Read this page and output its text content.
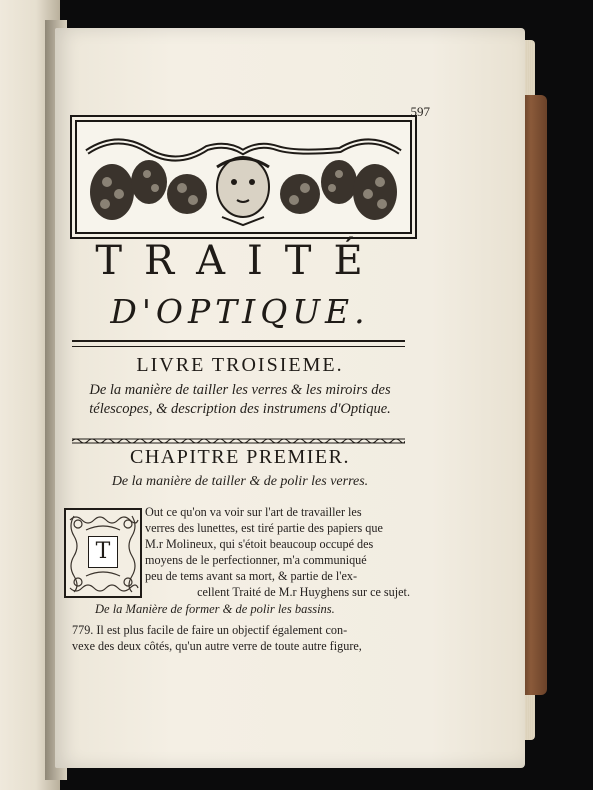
597
TRAITÉ
D'OPTIQUE.
LIVRE TROISIEME.
De la manière de tailler les verres & les miroirs des
télescopes, & description des instrumens d'Optique.
CHAPITRE PREMIER.
De la manière de tailler & de polir les verres.
T
Out ce qu'on va voir sur l'art de travailler les
verres des lunettes, est tiré partie des papiers que
M.r Molineux, qui s'étoit beaucoup occupé des
moyens de le perfectionner, m'a communiqué
peu de tems avant sa mort, & partie de l'ex-
cellent Traité de M.r Huyghens sur ce sujet.
De la Manière de former & de polir les bassins.
779. Il est plus facile de faire un objectif également con-
vexe des deux côtés, qu'un autre verre de toute autre figure,
